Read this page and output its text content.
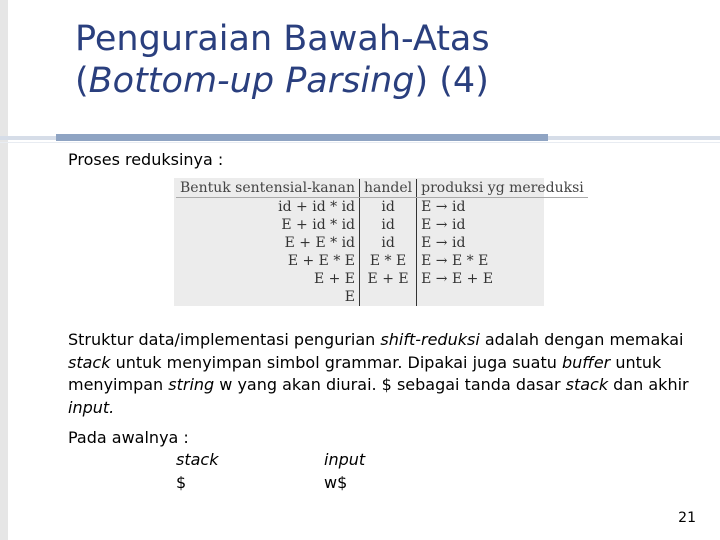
Penguraian Bawah-Atas
(Bottom-up Parsing) (4)
Proses reduksinya :
Bentuk sentensial-kanan	handel	produksi yg mereduksi
id + id * id	id	E → id
E + id * id	id	E → id
E + E * id	id	E → id
E + E * E	E * E	E → E * E
E + E	E + E	E → E + E
E		
Struktur data/implementasi pengurian shift-reduksi adalah dengan memakai stack untuk menyimpan simbol grammar. Dipakai juga suatu buffer untuk menyimpan string w yang akan diurai. $ sebagai tanda dasar stack dan akhir input.
Pada awalnya :
stack
$
input
w$
21
